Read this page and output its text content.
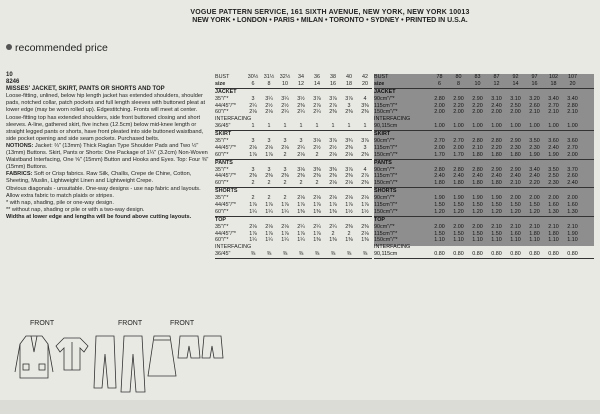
VOGUE PATTERN SERVICE, 161 SIXTH AVENUE, NEW YORK, NEW YORK 10013
NEW YORK • LONDON • PARIS • MILAN • TORONTO • SYDNEY • PRINTED IN U.S.A.
recommended price

10

8246

MISSES' JACKET, SKIRT, PANTS OR SHORTS AND TOP

Loose-fitting, unlined, below hip length jacket has extended shoulders, shoulder pads, notched collar, patch pockets and full length sleeves with buttoned pleat at lower edge (may be worn rolled up). Edgestitching. Fronts will meet at center. Loose-fitting top has extended shoulders, side front buttoned closing and short sleeves. A-line, gathered skirt, five inches (12.5cm) below mid-knee length or straight legged pants or shorts, have front pleated into side buttoned waistband, side pocket opening and side seam pockets. Purchased belts.

NOTIONS: Jacket: ⅔" (13mm) Thick Raglan Type Shoulder Pads and Two ½" (13mm) Buttons. Skirt, Pants or Shorts: One Package of 1¼" (3.2cm) Non-Woven Waistband Interfacing, One ⅝" (15mm) Button and Hooks and Eyes. Top: Four ⅜" (15mm) Buttons.

FABRICS: Soft or Crisp fabrics. Raw Silk, Challis, Crepe de Chine, Cotton, Sheeting, Muslin, Lightweight Linen and Lightweight Crepe.

Obvious diagonals - unsuitable. One-way designs - use nap fabric and layouts. Allow extra fabric to match plaids or stripes.

* with nap, shading, pile or one-way design.

** without nap, shading or pile or with a two-way design.

Widths at lower edge and lengths will be found above cutting layouts.

BUST	30½	31½	32½	34	36	38	40	42
size	6	8	10	12	14	16	18	20
JACKET
35"/"*	3	3¼	3¼	3½	3⅞	3⅞	3⅞	4
44/45"/"*	2¼	2½	2½	2⅜	2⅞	2⅞	3	3⅜
60"/"*	2⅛	2⅛	2¼	2¼	2¼	2⅜	2⅜	2⅜
INTERFACING
36/45"	1	1	1	1	1	1	1	1
SKIRT
35"/"*	3	3	3	3	3⅛	3⅞	3¾	3⅞
44/45"/"*	2⅛	2⅛	2⅛	2¼	2½	2½	2⅜	3
60"/"*	1⅞	1⅞	2	2⅛	2	2⅛	2⅛	2⅜
PANTS
35"/"*	3	3	3	3⅛	3⅜	3⅜	3⅞	4
44/45"/"*	2⅜	2⅜	2⅜	2⅜	2⅜	2⅜	2⅜	2⅞
60"/"*	2	2	2	2	2	2⅛	2⅛	2⅜
SHORTS
35"/"*	2	2	2	2⅛	2⅛	2⅛	2⅛	2⅛
44/45"/"*	1⅞	1⅞	1⅞	1⅞	1⅞	1⅞	1⅞	1⅞
60"/"*	1¼	1¼	1¼	1⅜	1⅜	1⅜	1½	1½
TOP
35"/"*	2⅛	2⅛	2⅛	2¼	2¼	2¼	2⅜	2⅜
44/45"/"*	1⅞	1⅞	1⅞	1⅞	1⅞	2	2	2⅛
60"/"*	1¼	1¼	1¼	1¼	1⅜	1⅜	1⅜	1⅜
INTERFACING
36/45"	⅜	⅜	⅜	⅜	⅜	⅜	⅜	⅜
BUST	78	80	83	87	92	97	102	107
size	6	8	10	12	14	16	18	20
JACKET
90cm"/"*	2.80	2.90	2.90	3.10	3.10	3.20	3.40	3.40
115cm"/"*	2.00	2.20	2.20	2.40	2.50	2.60	2.70	2.80
150cm"/"*	2.00	2.00	2.00	2.00	2.00	2.10	2.10	2.10
INTERFACING
90,115cm	1.00	1.00	1.00	1.00	1.00	1.00	1.00	1.00
SKIRT
90cm"/"*	2.70	2.70	2.80	2.80	2.90	3.50	3.60	3.60
115cm"/"*	2.00	2.00	2.10	2.20	2.30	2.30	2.40	2.70
150cm"/"*	1.70	1.70	1.80	1.80	1.80	1.90	1.90	2.00
PANTS
90cm"/"*	2.80	2.80	2.80	2.90	2.90	3.40	3.50	3.70
115cm"/"*	2.40	2.40	2.40	2.40	2.40	2.40	2.50	2.60
150cm"/"*	1.80	1.80	1.80	1.80	2.10	2.20	2.30	2.40
SHORTS
90cm"/"*	1.90	1.90	1.90	1.90	2.00	2.00	2.00	2.00
115cm"/"*	1.50	1.50	1.50	1.50	1.50	1.50	1.60	1.60
150cm"/"*	1.20	1.20	1.20	1.20	1.20	1.20	1.30	1.30
TOP
90cm"/"*	2.00	2.00	2.00	2.10	2.10	2.10	2.10	2.10
115cm"/"*	1.50	1.50	1.50	1.50	1.60	1.80	1.80	1.90
150cm"/"*	1.10	1.10	1.10	1.10	1.10	1.10	1.10	1.10
INTERFACING
90,115cm	0.80	0.80	0.80	0.80	0.80	0.80	0.80	0.80
FRONT	FRONT	FRONT
